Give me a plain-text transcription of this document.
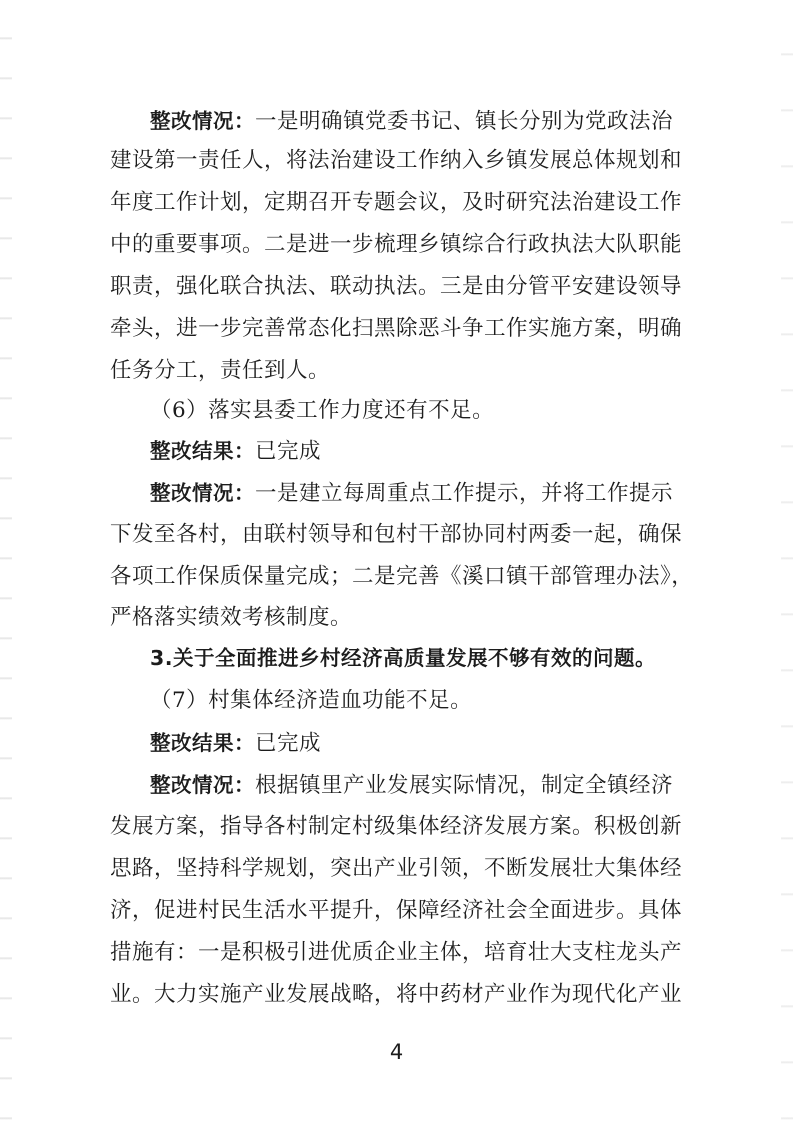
整改情况：一是明确镇党委书记、镇长分别为党政法治
建设第一责任人，将法治建设工作纳入乡镇发展总体规划和
年度工作计划，定期召开专题会议，及时研究法治建设工作
中的重要事项。二是进一步梳理乡镇综合行政执法大队职能
职责，强化联合执法、联动执法。三是由分管平安建设领导
牵头，进一步完善常态化扫黑除恶斗争工作实施方案，明确
任务分工，责任到人。
（6）落实县委工作力度还有不足。
整改结果：已完成
整改情况：一是建立每周重点工作提示，并将工作提示
下发至各村，由联村领导和包村干部协同村两委一起，确保
各项工作保质保量完成；二是完善《溪口镇干部管理办法》，
严格落实绩效考核制度。
3.关于全面推进乡村经济高质量发展不够有效的问题。
（7）村集体经济造血功能不足。
整改结果：已完成
整改情况：根据镇里产业发展实际情况，制定全镇经济
发展方案，指导各村制定村级集体经济发展方案。积极创新
思路，坚持科学规划，突出产业引领，不断发展壮大集体经
济，促进村民生活水平提升，保障经济社会全面进步。具体
措施有：一是积极引进优质企业主体，培育壮大支柱龙头产
业。大力实施产业发展战略，将中药材产业作为现代化产业
4
